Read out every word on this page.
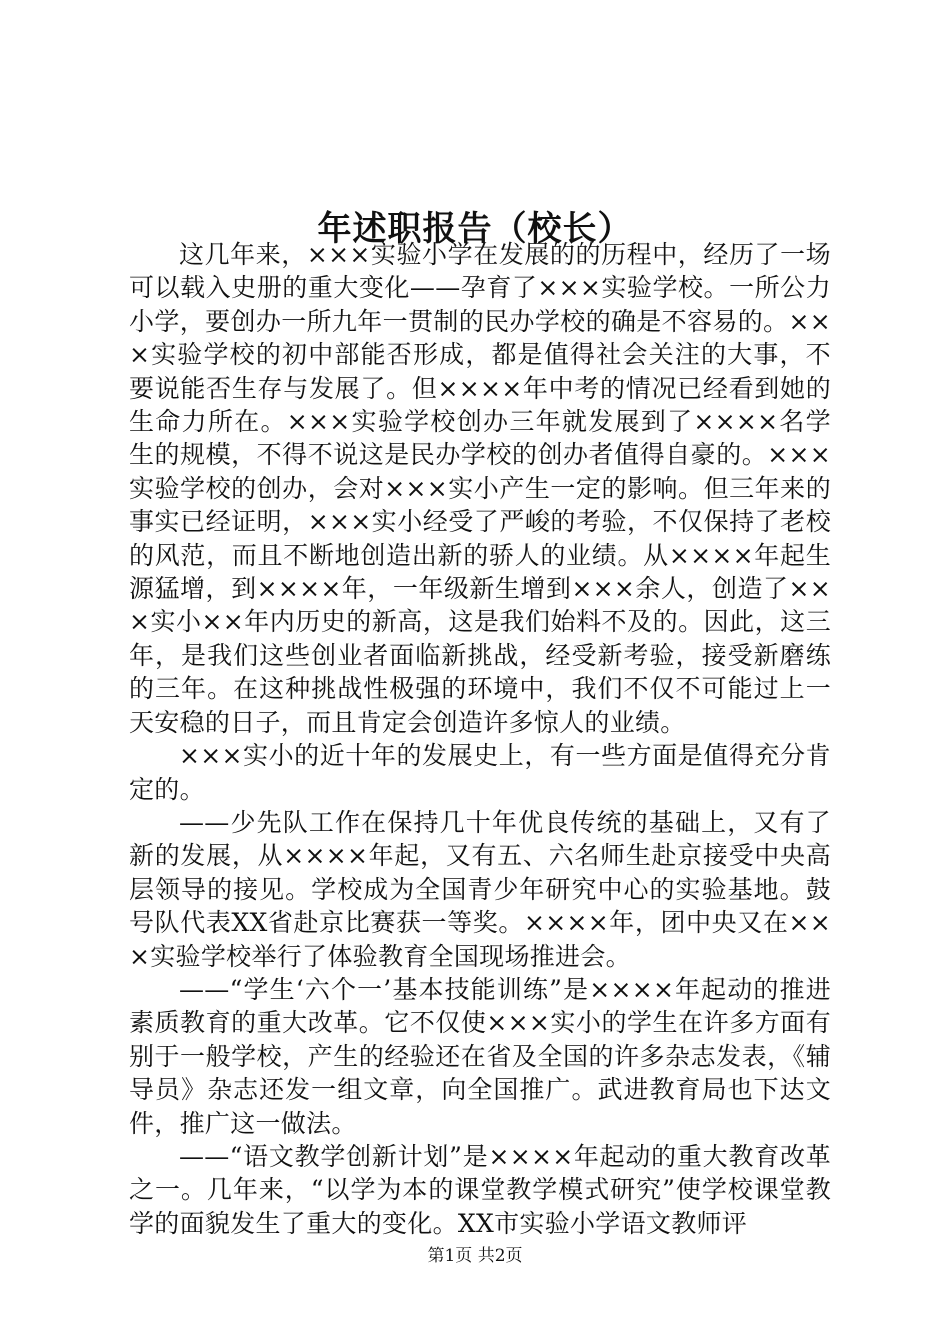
年述职报告（校长）

这几年来，×××实验小学在发展的的历程中，经历了一场可以载入史册的重大变化——孕育了×××实验学校。一所公力小学，要创办一所九年一贯制的民办学校的确是不容易的。×××实验学校的初中部能否形成，都是值得社会关注的大事，不要说能否生存与发展了。但××××年中考的情况已经看到她的生命力所在。×××实验学校创办三年就发展到了××××名学生的规模，不得不说这是民办学校的创办者值得自豪的。×××实验学校的创办，会对×××实小产生一定的影响。但三年来的事实已经证明，×××实小经受了严峻的考验，不仅保持了老校的风范，而且不断地创造出新的骄人的业绩。从××××年起生源猛增，到××××年，一年级新生增到×××余人，创造了×××实小××年内历史的新高，这是我们始料不及的。因此，这三年，是我们这些创业者面临新挑战，经受新考验，接受新磨练的三年。在这种挑战性极强的环境中，我们不仅不可能过上一天安稳的日子，而且肯定会创造许多惊人的业绩。

×××实小的近十年的发展史上，有一些方面是值得充分肯定的。

——少先队工作在保持几十年优良传统的基础上，又有了新的发展，从××××年起，又有五、六名师生赴京接受中央高层领导的接见。学校成为全国青少年研究中心的实验基地。鼓号队代表XX省赴京比赛获一等奖。××××年，团中央又在×××实验学校举行了体验教育全国现场推进会。

——“学生‘六个一’基本技能训练”是××××年起动的推进素质教育的重大改革。它不仅使×××实小的学生在许多方面有别于一般学校，产生的经验还在省及全国的许多杂志发表，《辅导员》杂志还发一组文章，向全国推广。武进教育局也下达文件，推广这一做法。

——“语文教学创新计划”是××××年起动的重大教育改革之一。几年来，“以学为本的课堂教学模式研究”使学校课堂教学的面貌发生了重大的变化。XX市实验小学语文教师评

第1页 共2页
